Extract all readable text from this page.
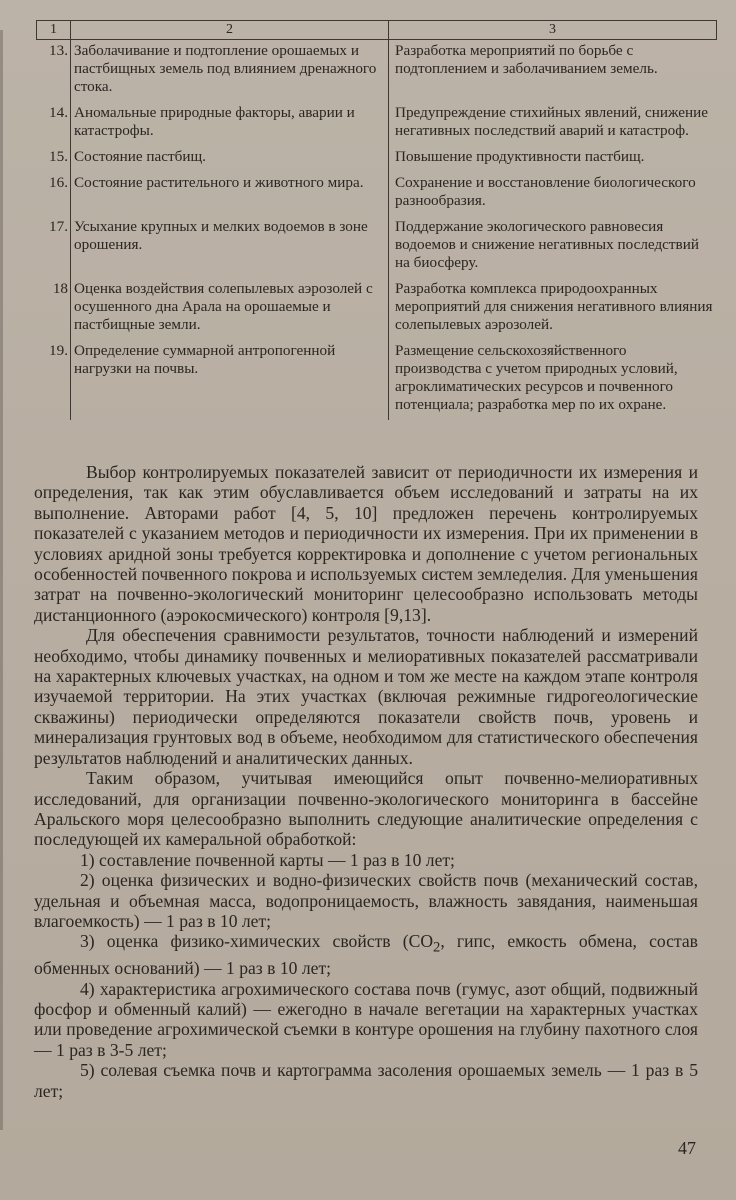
1	2	3
13.	Заболачивание и подтопление орошаемых и пастбищных земель под влиянием дренажного стока.	Разработка мероприятий по борьбе с подтоплением и заболачиванием земель.
14.	Аномальные природные факторы, аварии и катастрофы.	Предупреждение стихийных явлений, снижение негативных последствий аварий и катастроф.
15.	Состояние пастбищ.	Повышение продуктивности пастбищ.
16.	Состояние растительного и животного мира.	Сохранение и восстановление биологического разнообразия.
17.	Усыхание крупных и мелких водоемов в зоне орошения.	Поддержание экологического равновесия водоемов и снижение негативных последствий на биосферу.
18	Оценка воздействия солепылевых аэрозолей с осушенного дна Арала на орошаемые и пастбищные земли.	Разработка комплекса природоохранных мероприятий для снижения негативного влияния солепылевых аэрозолей.
19.	Определение суммарной антропогенной нагрузки на почвы.	Размещение сельскохозяйственного производства с учетом природных условий, агроклиматических ресурсов и почвенного потенциала; разработка мер по их охране.

Выбор контролируемых показателей зависит от периодичности их измерения и определения, так как этим обуславливается объем исследований и затраты на их выполнение. Авторами работ [4, 5, 10] предложен перечень контролируемых показателей с указанием методов и периодичности их измерения. При их применении в условиях аридной зоны требуется корректировка и дополнение с учетом региональных особенностей почвенного покрова и используемых систем земледелия. Для уменьшения затрат на почвенно-экологический мониторинг целесообразно использовать методы дистанционного (аэрокосмического) контроля [9,13].

Для обеспечения сравнимости результатов, точности наблюдений и измерений необходимо, чтобы динамику почвенных и мелиоративных показателей рассматривали на характерных ключевых участках, на одном и том же месте на каждом этапе контроля изучаемой территории. На этих участках (включая режимные гидрогеологические скважины) периодически определяются показатели свойств почв, уровень и минерализация грунтовых вод в объеме, необходимом для статистического обеспечения результатов наблюдений и аналитических данных.

Таким образом, учитывая имеющийся опыт почвенно-мелиоративных исследований, для организации почвенно-экологического мониторинга в бассейне Аральского моря целесообразно выполнить следующие аналитические определения с последующей их камеральной обработкой:

1) составление почвенной карты — 1 раз в 10 лет;

2) оценка физических и водно-физических свойств почв (механический состав, удельная и объемная масса, водопроницаемость, влажность завядания, наименьшая влагоемкость) — 1 раз в 10 лет;

3) оценка физико-химических свойств ($CO_2$, гипс, емкость обмена, состав обменных оснований) — 1 раз в 10 лет;

4) характеристика агрохимического состава почв (гумус, азот общий, подвижный фосфор и обменный калий) — ежегодно в начале вегетации на характерных участках или проведение агрохимической съемки в контуре орошения на глубину пахотного слоя — 1 раз в 3-5 лет;

5) солевая съемка почв и картограмма засоления орошаемых земель — 1 раз в 5 лет;

47
